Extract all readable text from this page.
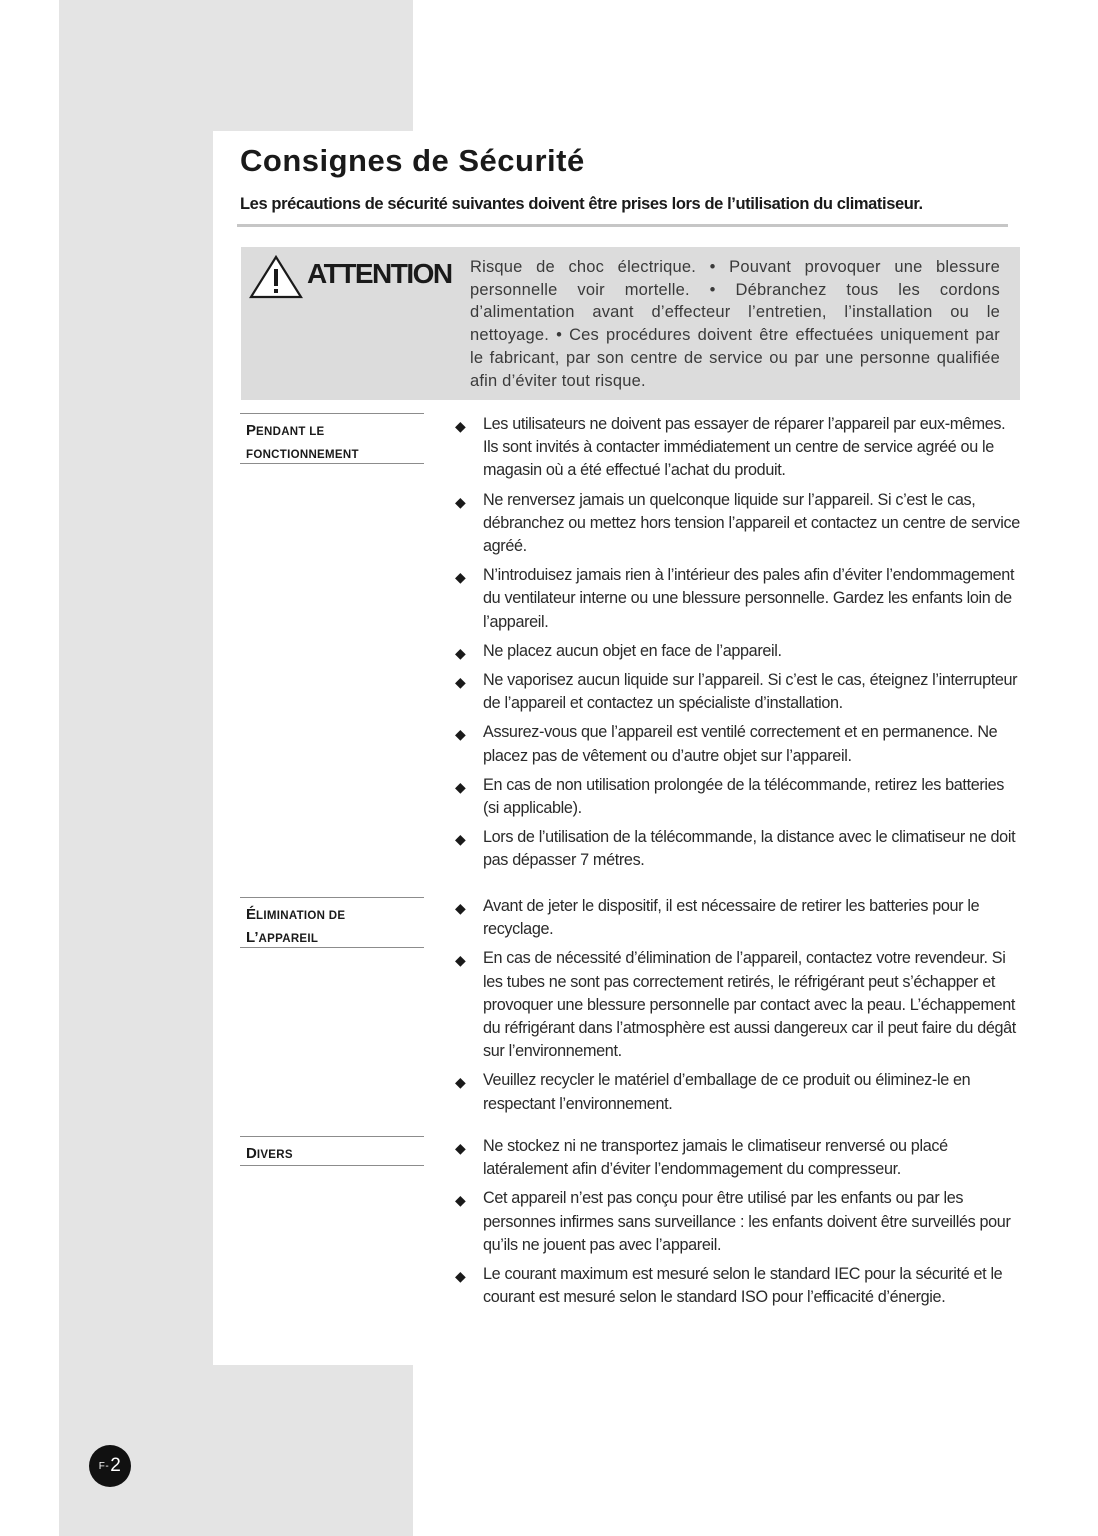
Consignes de Sécurité
Les précautions de sécurité suivantes doivent être prises lors de l’utilisation du climatiseur.
ATTENTION Risque de choc électrique. • Pouvant provoquer une blessure personnelle voir mortelle. • Débranchez tous les cordons d’alimentation avant d’effecteur l’entretien, l’installation ou le nettoyage. • Ces procédures doivent être effectuées uniquement par le fabricant, par son centre de service ou par une personne qualifiée afin d’éviter tout risque.
PENDANT LE
FONCTIONNEMENT
◆ Les utilisateurs ne doivent pas essayer de réparer l’appareil par eux-mêmes. Ils sont invités à contacter immédiatement un centre de service agréé ou le magasin où a été effectué l’achat du produit.
◆ Ne renversez jamais un quelconque liquide sur l’appareil. Si c’est le cas, débranchez ou mettez hors tension l’appareil et contactez un centre de service agréé.
◆ N’introduisez jamais rien à l’intérieur des pales afin d’éviter l’endommagement du ventilateur interne ou une blessure personnelle. Gardez les enfants loin de l’appareil.
◆ Ne placez aucun objet en face de l’appareil.
◆ Ne vaporisez aucun liquide sur l’appareil. Si c’est le cas, éteignez l’interrupteur de l’appareil et contactez un spécialiste d’installation.
◆ Assurez-vous que l’appareil est ventilé correctement et en permanence. Ne placez pas de vêtement ou d’autre objet sur l’appareil.
◆ En cas de non utilisation prolongée de la télécommande, retirez les batteries (si applicable).
◆ Lors de l’utilisation de la télécommande, la distance avec le climatiseur ne doit pas dépasser 7 métres.
ÉLIMINATION DE
L’APPAREIL
◆ Avant de jeter le dispositif, il est nécessaire de retirer les batteries pour le recyclage.
◆ En cas de nécessité d’élimination de l’appareil, contactez votre revendeur. Si les tubes ne sont pas correctement retirés, le réfrigérant peut s’échapper et provoquer une blessure personnelle par contact avec la peau. L’échappement du réfrigérant dans l’atmosphère est aussi dangereux car il peut faire du dégât sur l’environnement.
◆ Veuillez recycler le matériel d’emballage de ce produit ou éliminez-le en respectant l’environnement.
DIVERS	◆ Ne stockez ni ne transportez jamais le climatiseur renversé ou placé latéralement afin d’éviter l’endommagement du compresseur.
◆ Cet appareil n’est pas conçu pour être utilisé par les enfants ou par les personnes infirmes sans surveillance : les enfants doivent être surveillés pour qu’ils ne jouent pas avec l’appareil.
◆ Le courant maximum est mesuré selon le standard IEC pour la sécurité et le courant est mesuré selon le standard ISO pour l’efficacité d’énergie.
F- 2
